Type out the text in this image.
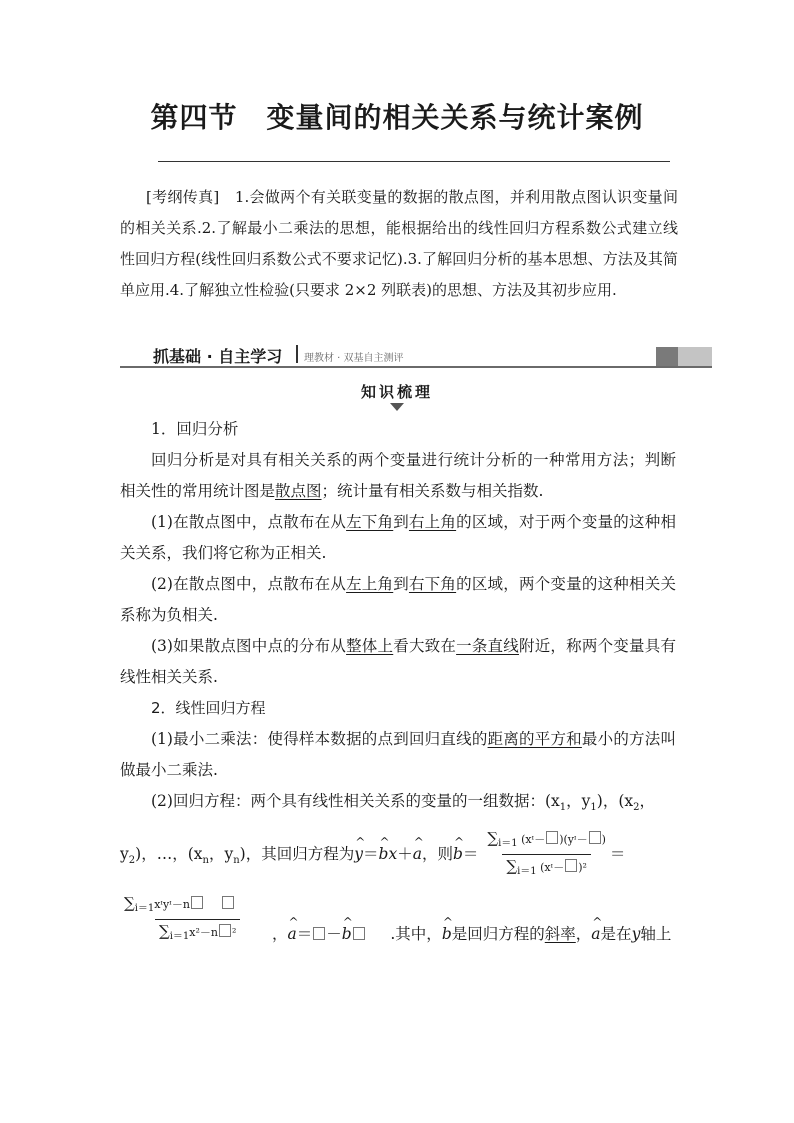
第四节　变量间的相关关系与统计案例
[考纲传真]　1.会做两个有关联变量的数据的散点图，并利用散点图认识变量间的相关关系.2.了解最小二乘法的思想，能根据给出的线性回归方程系数公式建立线性回归方程(线性回归系数公式不要求记忆).3.了解回归分析的基本思想、方法及其简单应用.4.了解独立性检验(只要求 2×2 列联表)的思想、方法及其初步应用.
抓基础 · 自主学习 理教材 · 双基自主测评
知识梳理

1．回归分析

回归分析是对具有相关关系的两个变量进行统计分析的一种常用方法；判断相关性的常用统计图是散点图；统计量有相关系数与相关指数.

(1)在散点图中，点散布在从左下角到右上角的区域，对于两个变量的这种相关关系，我们将它称为正相关.

(2)在散点图中，点散布在从左上角到右下角的区域，两个变量的这种相关关系称为负相关.

(3)如果散点图中点的分布从整体上看大致在一条直线附近，称两个变量具有线性相关关系.

2．线性回归方程

(1)最小二乘法：使得样本数据的点到回归直线的距离的平方和最小的方法叫做最小二乘法.

(2)回归方程：两个具有线性相关关系的变量的一组数据：($x_1$，$y_1$)，($x_2$，

$y_2$)，…，($x_n$，$y_n$)，其回归方程为^ y＝^ bx＋^ a，则^ $b= \frac{\sum_{i=1} (xᶦ- )(yᶦ- )}{\sum_{i=1} (xᶦ- )^2}$ ＝

$\sum_{i=1}xᶦyᶦ-n$
$\sum_{i=1}x^2-n$ ² ，^ a＝ －^ b .其中，^ b是回归方程的斜率，^ a是在y轴上
